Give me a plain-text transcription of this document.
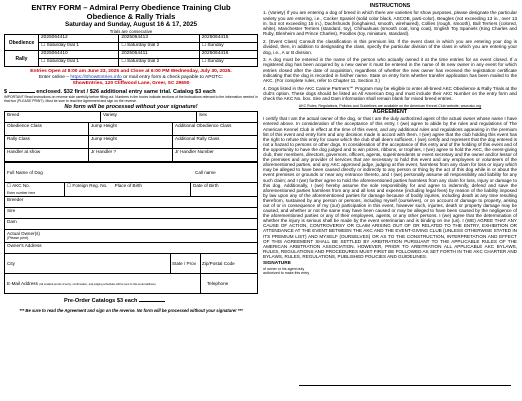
ENTRY FORM – Admiral Perry Obedience Training Club
Obedience & Rally Trials
Saturday and Sunday, August 16 & 17, 2025
Trials are consecutive
Obedience	2025064412	2025064413	2025064415
	☐ Saturday trial 1	☐ Saturday trial 2	☐ Sunday
Rally	2025064410	2025064411	2025064416
	☐ Saturday trial 1	☐ Saturday trial 2	☐ Sunday
Entries Open at 8:00 am June 23, 2025 and Close at 6:00 PM Wednesday, July 30, 2025.
Enter online – https://ShowEntries.info or mail entry form & check payable to APOTC:
ShowEntries, 120 Cliffwood Lane, Greer, SC 29650
$	enclosed. $32 first / $26 additional entry same trial. Catalog $3 each
IMPORTANT Read instructions on reverse side carefully before filling out. Numbers in the boxes indicate sections of the instructions relevant to the information needed in that box (PLEASE PRINT). Must be sure to read the Agreement and sign on the reverse.
No form will be processed without your signature!
Breed	Variety	Sex
Obedience Class	Jump Height	Additional Obedience Class
Rally Class	Jump Height	Additional Rally Class
Handler at show	Jr Handler ?	Jr Handler Number
Full Name of Dog	Call name

☐ AKC No.
Enter number here
	☐ Foreign Reg. No. Place of Birth	Date of Birth
Breeder
Sire
Dam

Actual Owner(s)
(Please print)

Owner's Address
City	State / Prov	Zip/Postal Code
E-Mail Address (All emailed proofs of entry, confirmation, and judging schedules will be sent to this email address)		Telephone
Pre-Order Catalogs $3 each
*** Be sure to read the Agreement and sign on the reverse. No form will be processed without your signature! ***
INSTRUCTIONS

1. (Variety) If you are entering a dog of breed in which there are varieties for show purposes, please designate the particular variety you are entering, i.e., Cocker Spaniel (solid color black, ASCOB, parti-color), Beagles (not exceeding 13 in., over 13 in. but not exceeding 15 in.), Dachshunds (longhaired, smooth, wirehaired), Collies (rough, smooth), Bull Terriers (colored, white), Manchester Terriers (standard, toy), Chihuahuas (smooth coat, long coat), English Toy Spaniels (King Charles and Ruby, Blenheim and Prince Charles), Poodles (toy, miniature, standard).

2. (Event Class) Consult the classification in this premium list. If the event class in which you are entering your dog is divided, then, in addition to designating the class, specify the particular division of the class in which you are entering your dog, i.e., A or B division.

3. A dog must be entered in the name of the person who actually owned it at the time entries for an event closed. If a registered dog has been acquired by a new owner it must be entered in the name of its new owner in any event for which entries closed after the date of acquisition, regardless of whether the new owner has received the registration certificate indicating that the dog is recorded in his/her name. State on entry form whether transfer application has been mailed to the AKC. (For complete rules, refer to Chapter 11, Section 3.)

4. Dogs listed in the AKC Canine Partners℠ Program may be eligible to enter all-breed AKC Obedience & Rally Trials at the club's option. These dogs should be listed as All American Dog and must include their AKC Number on the entry form and check the AKC No. box. Sire and Dam information shall remain blank for mixed breed entries.

AKC Rules, Regulations, Policies and Guidelines are available on the American Kennel Club website, www.akc.org
AGREEMENT

I certify that I am the actual owner of the dog, or that I am the duly authorized agent of the actual owner whose name I have entered above. In consideration of the acceptance of this entry, I (we) agree to abide by the rules and regulations of The American Kennel Club in effect at the time of this event, and any additional rules and regulations appearing in the premium list of this event and entry form and any decision made in accord with them. I (we) agree that the club holding this event has the right to refuse this entry for cause which the club shall deem sufficient. I (we) certify and represent that the dog entered is not a hazard to persons or other dogs. In consideration of the acceptance of this entry and of the holding of this event and of the opportunity to have the dog judged and to win prizes, ribbons, or trophies, I (we) agree to hold the AKC, the event-giving club, their members, directors, governors, officers, agents, superintendents or event secretary and the owner and/or lessor of the premises and any provider of services that are necessary to hold this event and any employees or volunteers of the aforementioned parties, and any AKC approved judge, judging at this event, harmless from any claim for loss or injury which may be alleged to have been caused directly or indirectly to any person or thing by the act of this dog while in or about the event premises or grounds or near any entrance thereto, and I (we) personally assume all responsibility and liability for any such claim; and I (we) further agree to hold the aforementioned parties harmless from any claim for loss, injury or damage to this dog. Additionally, I (we) hereby assume the sole responsibility for and agree to indemnify, defend and save the aforementioned parties harmless from any and all loss and expense (including legal fees) by reason of the liability imposed by law upon any of the aforementioned parties for damage because of bodily injuries, including death at any time resulting therefrom, sustained by any person or persons, including myself (ourselves), or on account of damage to property, arising out of or in consequence of my (our) participation in this event, however such, injuries, death or property damage may be caused, and whether or not the same may have been caused or may be alleged to have been caused by the negligence of the aforementioned parties or any of their employees, agents, or any other persons. I (we) agree that the determination of whether the injury is serious shall be made by the event veterinarian and is binding on me (us). I (WE) AGREE THAT ANY CAUSE OF ACTION, CONTROVERSY OR CLAIM ARISING OUT OF OR RELATED TO THE ENTRY, EXHIBITION OR ATTENDANCE AT THE EVENT BETWEEN THE AKC AND THE EVENT-GIVING CLUB (UNLESS OTHERWISE STATED IN ITS PREMIUM LIST) AND MYSELF (OURSELVES) OR AS TO THE CONSTRUCTION, INTERPRETATION AND EFFECT OF THIS AGREEMENT SHALL BE SETTLED BY ARBITRATION PURSUANT TO THE APPLICABLE RULES OF THE AMERICAN ARBITRATION ASSOCIATION. HOWEVER, PRIOR TO ARBITRATION ALL APPLICABLE AKC BYLAWS, RULES, REGULATIONS AND PROCEDURES MUST FIRST BE FOLLOWED AS SET FORTH IN THE AKC CHARTER AND BYLAWS, RULES, REGULATIONS, PUBLISHED POLICIES AND GUIDELINES.

SIGNATURE
of owner or his agent duly
authorized to make this entry
